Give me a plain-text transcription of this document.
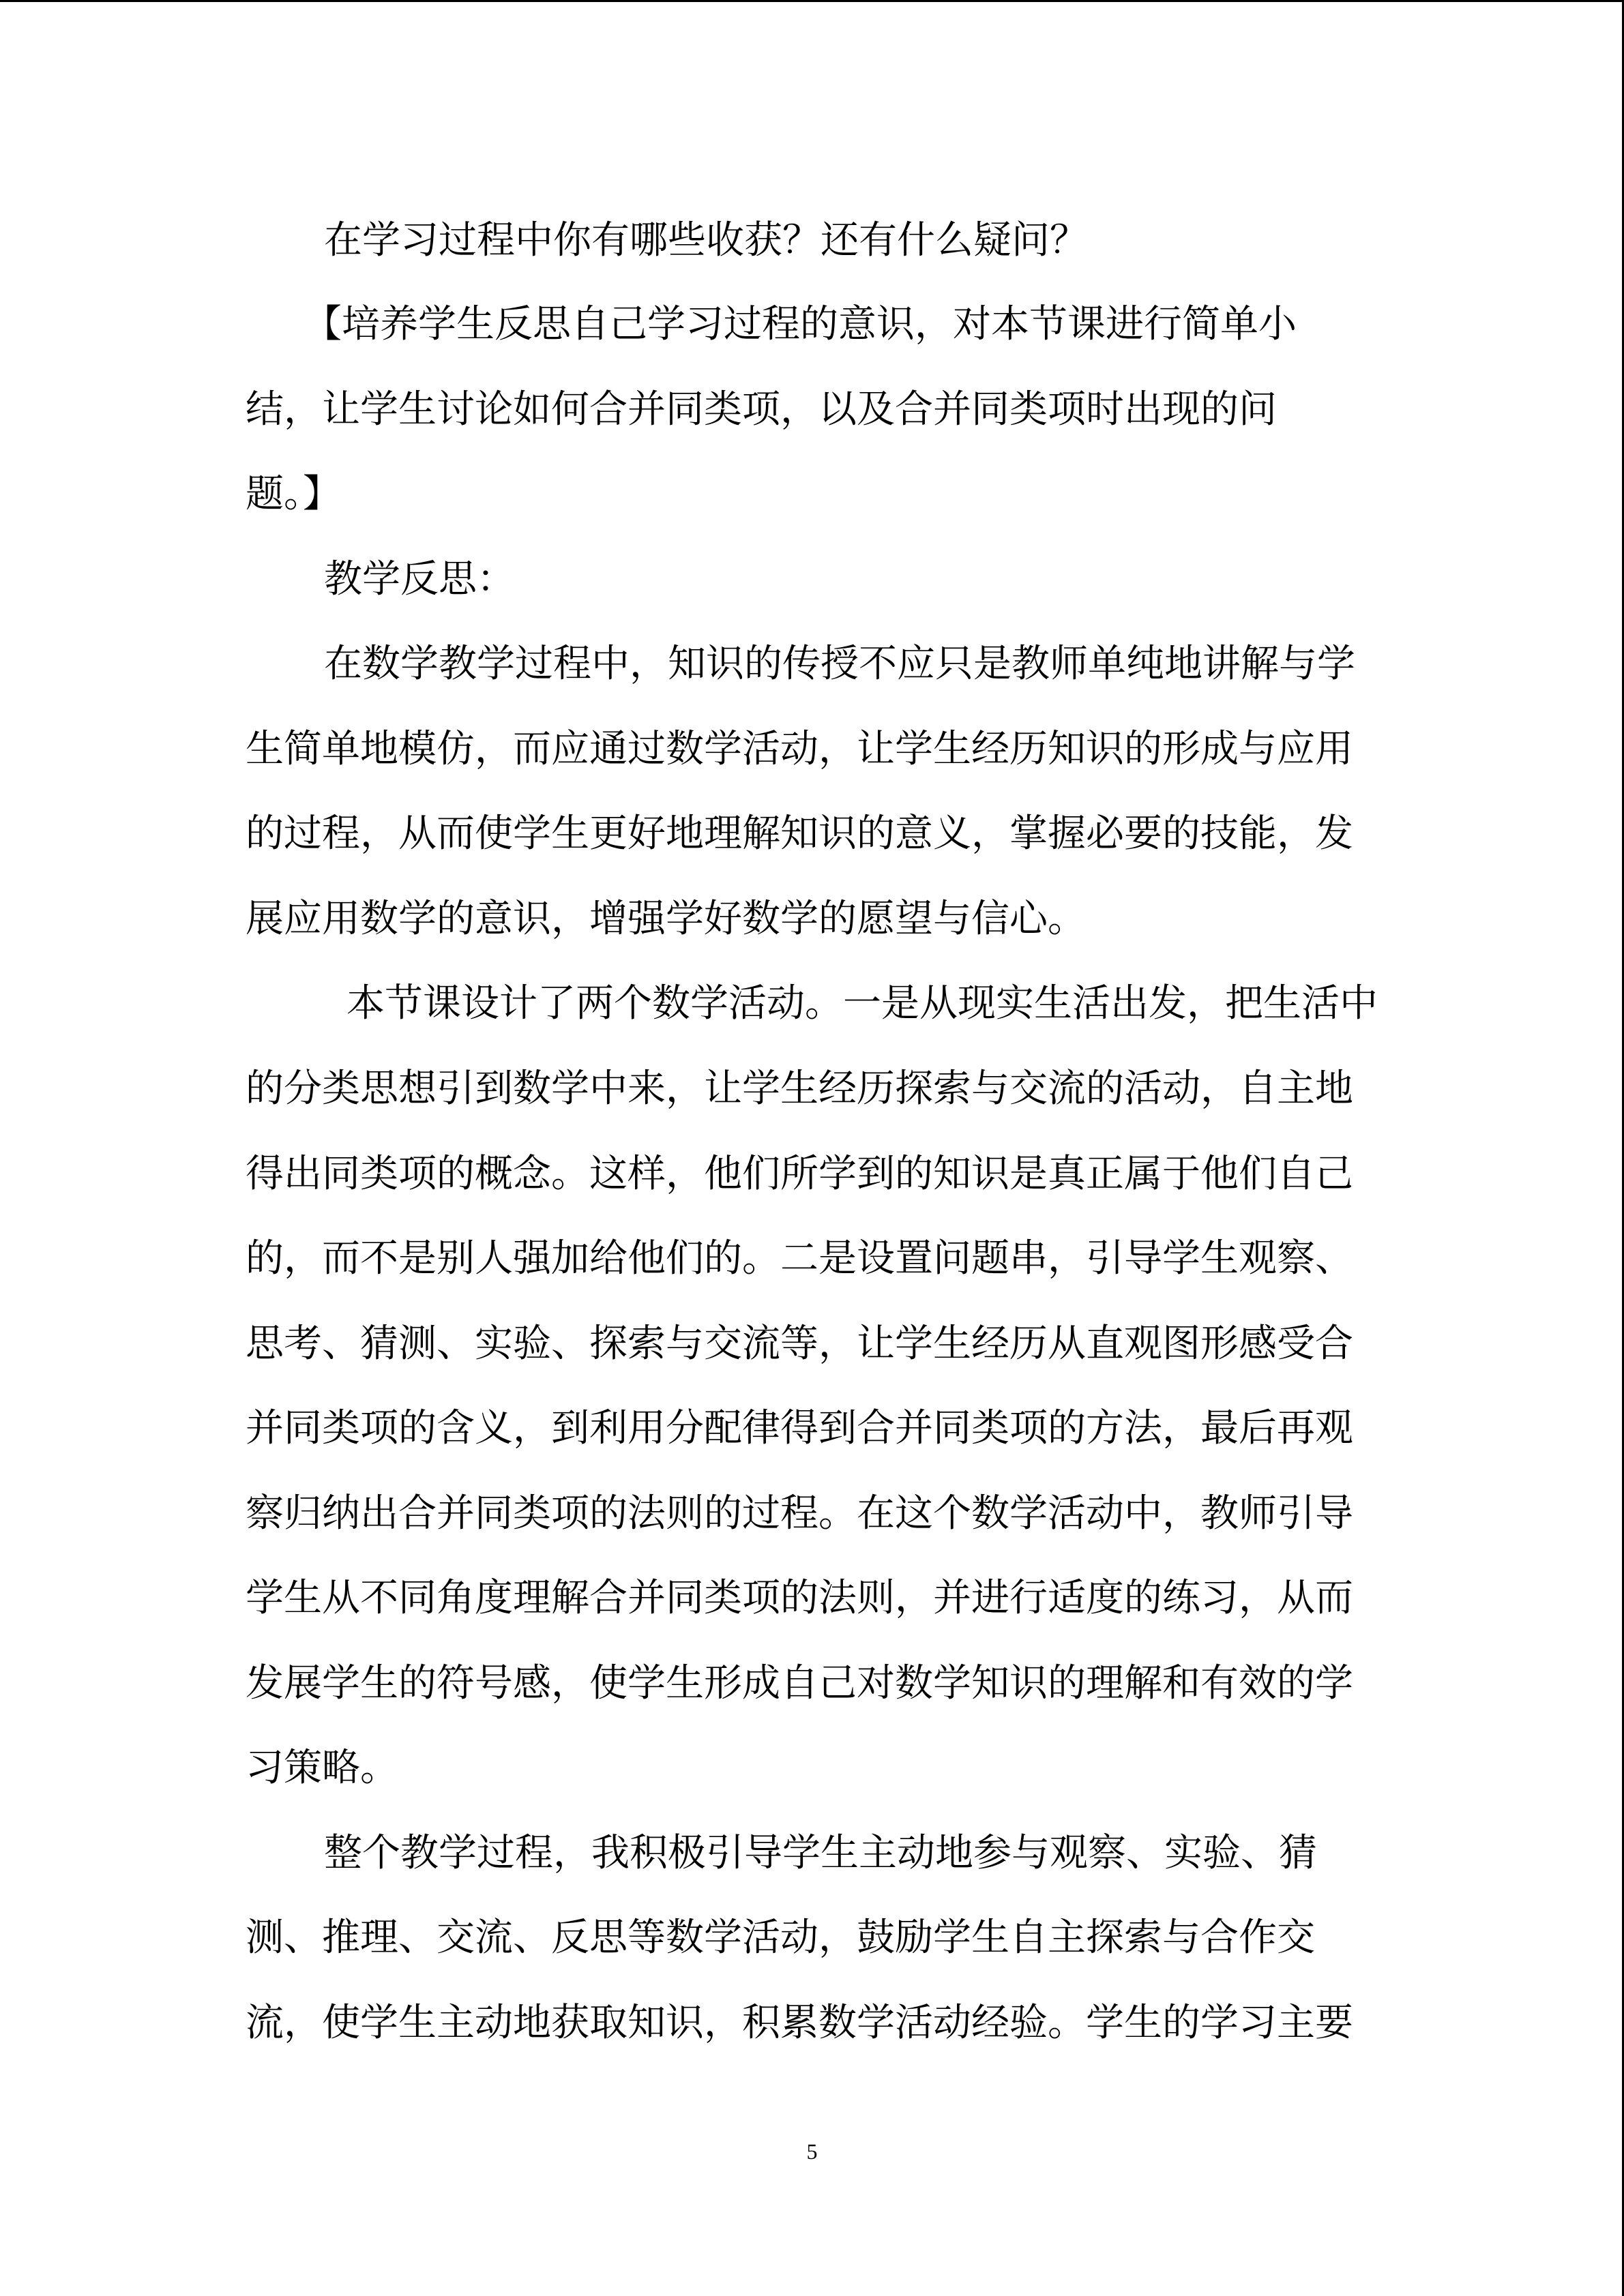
在学习过程中你有哪些收获？还有什么疑问？

【培养学生反思自己学习过程的意识，对本节课进行简单小

结，让学生讨论如何合并同类项，以及合并同类项时出现的问

题。】

教学反思：

在数学教学过程中，知识的传授不应只是教师单纯地讲解与学

生简单地模仿，而应通过数学活动，让学生经历知识的形成与应用

的过程，从而使学生更好地理解知识的意义，掌握必要的技能，发

展应用数学的意识，增强学好数学的愿望与信心。

本节课设计了两个数学活动。一是从现实生活出发，把生活中

的分类思想引到数学中来，让学生经历探索与交流的活动，自主地

得出同类项的概念。这样，他们所学到的知识是真正属于他们自己

的，而不是别人强加给他们的。二是设置问题串，引导学生观察、

思考、猜测、实验、探索与交流等，让学生经历从直观图形感受合

并同类项的含义，到利用分配律得到合并同类项的方法，最后再观

察归纳出合并同类项的法则的过程。在这个数学活动中，教师引导

学生从不同角度理解合并同类项的法则，并进行适度的练习，从而

发展学生的符号感，使学生形成自己对数学知识的理解和有效的学

习策略。

整个教学过程，我积极引导学生主动地参与观察、实验、猜

测、推理、交流、反思等数学活动，鼓励学生自主探索与合作交

流，使学生主动地获取知识，积累数学活动经验。学生的学习主要

5
